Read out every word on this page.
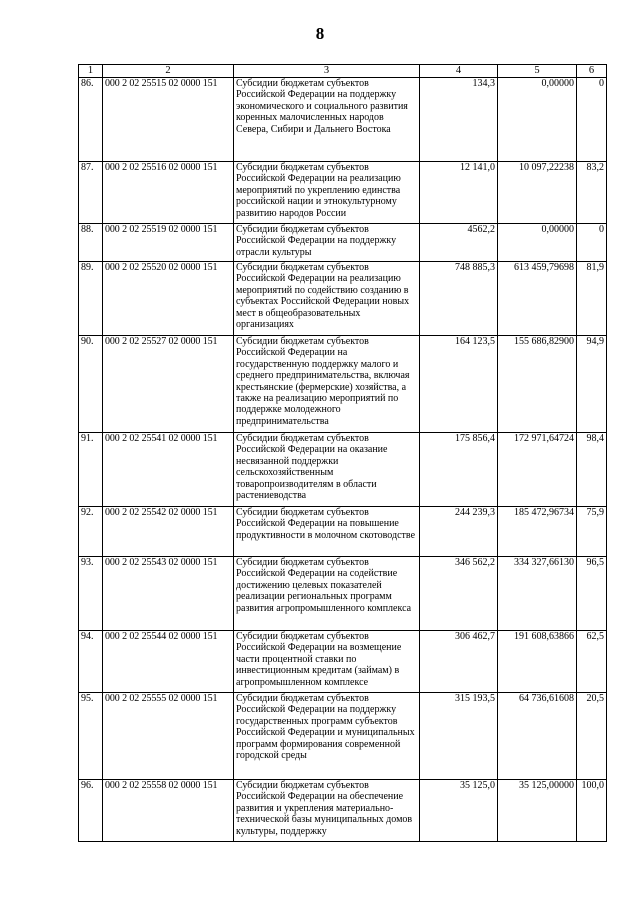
8
1	2	3	4	5	6
86.	000 2 02 25515 02 0000 151	Субсидии бюджетам субъектов Российской Федерации на поддержку экономического и социального развития коренных малочисленных народов Севера, Сибири и Дальнего Востока	134,3	0,00000	0
87.	000 2 02 25516 02 0000 151	Субсидии бюджетам субъектов Российской Федерации на реализацию мероприятий по укреплению единства российской нации и этнокультурному развитию народов России	12 141,0	10 097,22238	83,2
88.	000 2 02 25519 02 0000 151	Субсидии бюджетам субъектов Российской Федерации на поддержку отрасли культуры	4562,2	0,00000	0
89.	000 2 02 25520 02 0000 151	Субсидии бюджетам субъектов Российской Федерации на реализацию мероприятий по содействию созданию в субъектах Российской Федерации новых мест в общеобразовательных организациях	748 885,3	613 459,79698	81,9
90.	000 2 02 25527 02 0000 151	Субсидии бюджетам субъектов Российской Федерации на государственную поддержку малого и среднего предпринимательства, включая крестьянские (фермерские) хозяйства, а также на реализацию мероприятий по поддержке молодежного предпринимательства	164 123,5	155 686,82900	94,9
91.	000 2 02 25541 02 0000 151	Субсидии бюджетам субъектов Российской Федерации на оказание несвязанной поддержки сельскохозяйственным товаропроизводителям в области растениеводства	175 856,4	172 971,64724	98,4
92.	000 2 02 25542 02 0000 151	Субсидии бюджетам субъектов Российской Федерации на повышение продуктивности в молочном скотоводстве	244 239,3	185 472,96734	75,9
93.	000 2 02 25543 02 0000 151	Субсидии бюджетам субъектов Российской Федерации на содействие достижению целевых показателей реализации региональных программ развития агропромышленного комплекса	346 562,2	334 327,66130	96,5
94.	000 2 02 25544 02 0000 151	Субсидии бюджетам субъектов Российской Федерации на возмещение части процентной ставки по инвестиционным кредитам (займам) в агропромышленном комплексе	306 462,7	191 608,63866	62,5
95.	000 2 02 25555 02 0000 151	Субсидии бюджетам субъектов Российской Федерации на поддержку государственных программ субъектов Российской Федерации и муниципальных программ формирования современной городской среды	315 193,5	64 736,61608	20,5
96.	000 2 02 25558 02 0000 151	Субсидии бюджетам субъектов Российской Федерации на обеспечение развития и укрепления материально-технической базы муниципальных домов культуры, поддержку	35 125,0	35 125,00000	100,0
